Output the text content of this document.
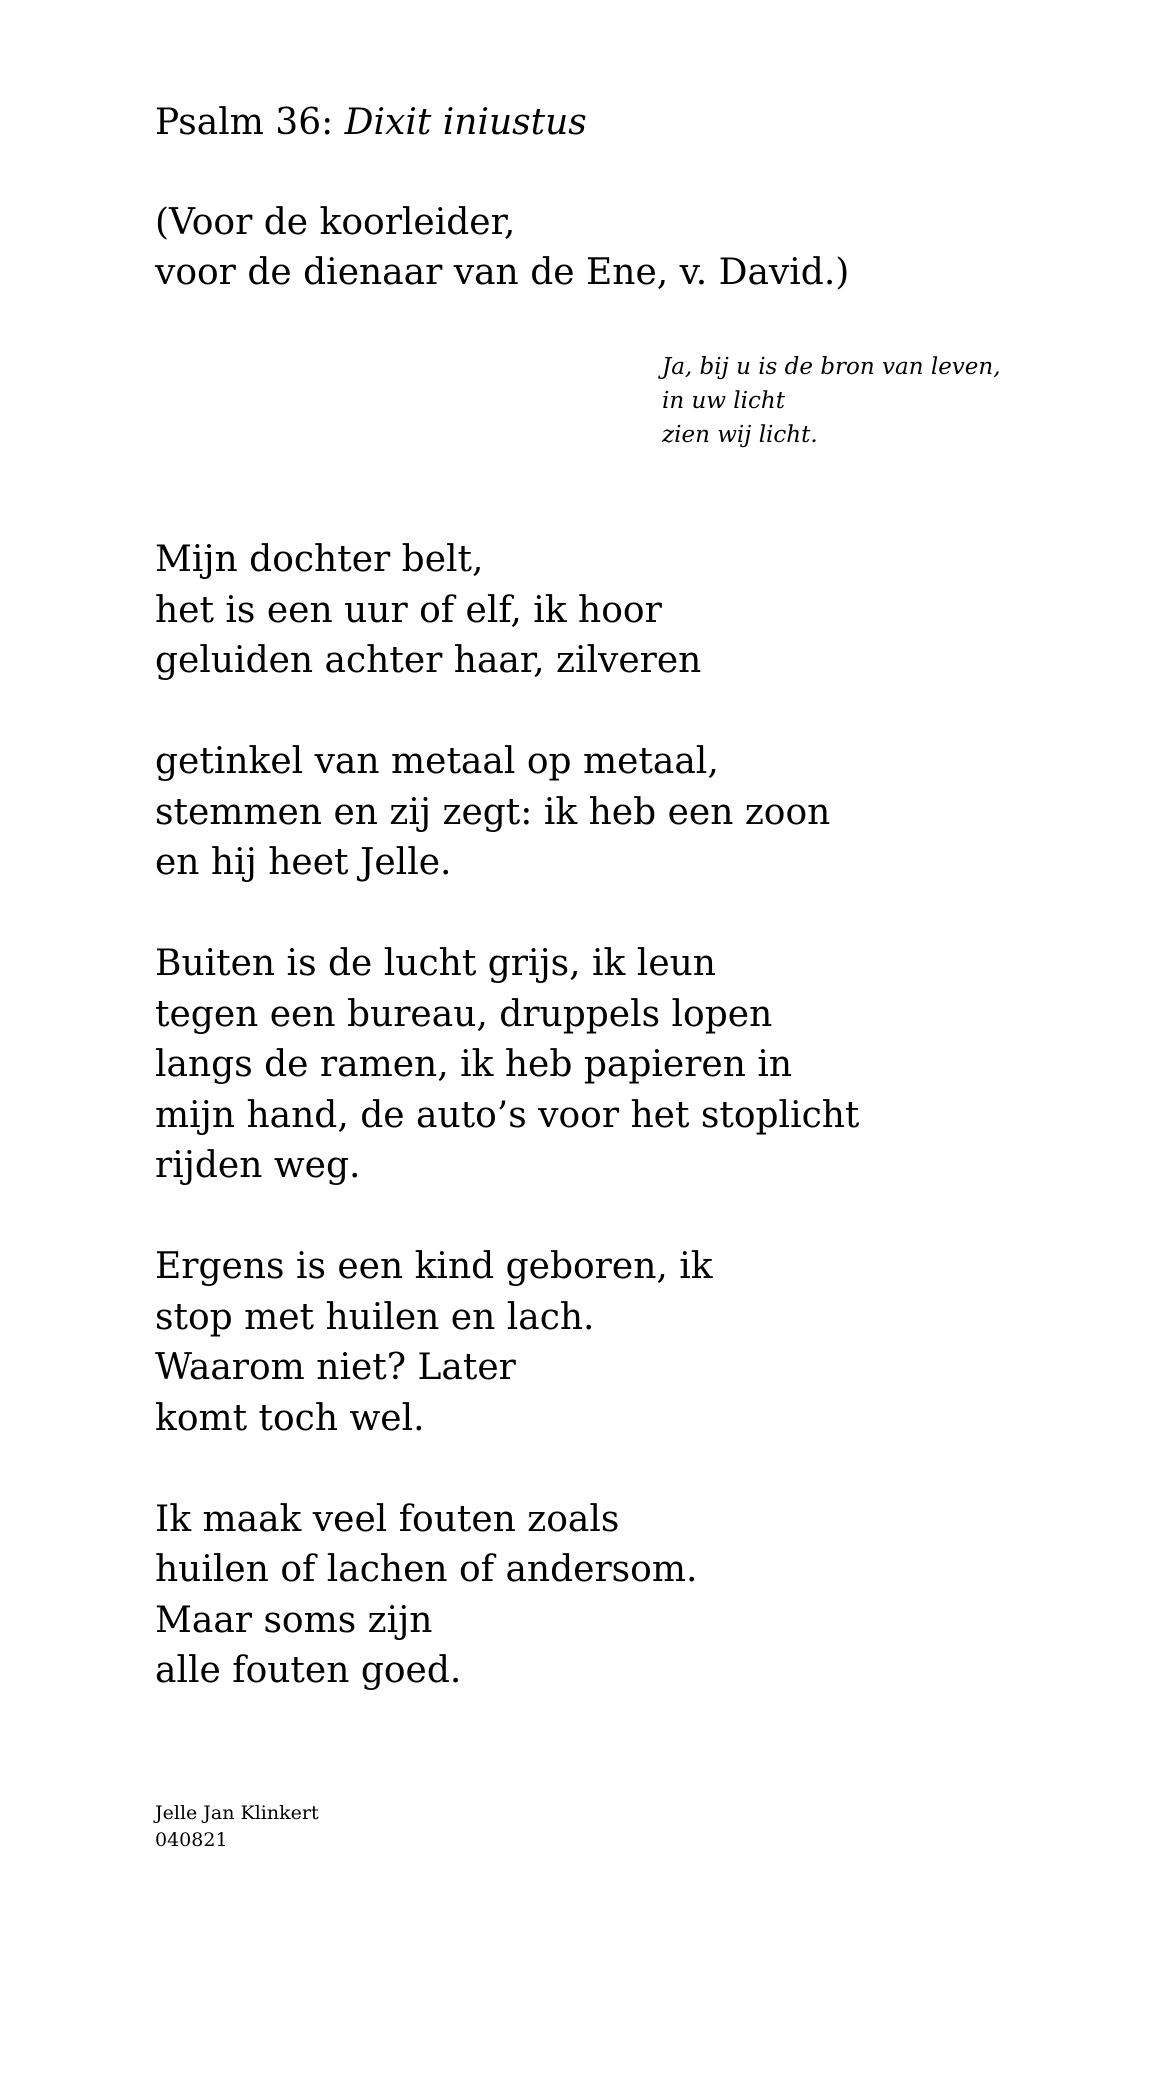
Psalm 36: Dixit iniustus
(Voor de koorleider,
voor de dienaar van de Ene, v. David.)
Ja, bij u is de bron van leven,
in uw licht
zien wij licht.
Mijn dochter belt,
het is een uur of elf, ik hoor
geluiden achter haar, zilveren
getinkel van metaal op metaal,
stemmen en zij zegt: ik heb een zoon
en hij heet Jelle.
Buiten is de lucht grijs, ik leun
tegen een bureau, druppels lopen
langs de ramen, ik heb papieren in
mijn hand, de auto’s voor het stoplicht
rijden weg.
Ergens is een kind geboren, ik
stop met huilen en lach.
Waarom niet? Later
komt toch wel.
Ik maak veel fouten zoals
huilen of lachen of andersom.
Maar soms zijn
alle fouten goed.
Jelle Jan Klinkert
040821
